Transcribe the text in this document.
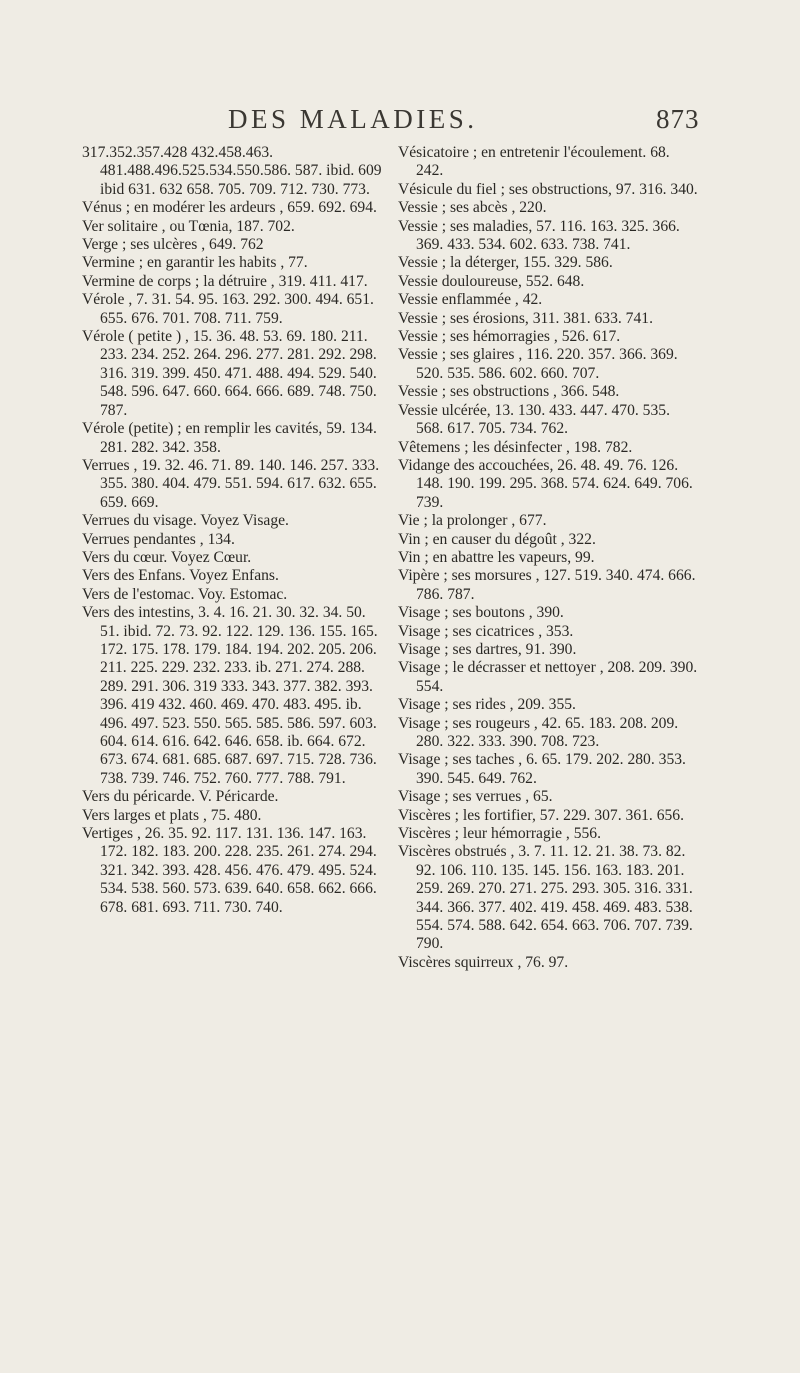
DES MALADIES.	873

317.352.357.428 432.458.463. 481.488.496.525.534.550.586. 587. ibid. 609 ibid 631. 632 658. 705. 709. 712. 730. 773.

Vénus ; en modérer les ardeurs , 659. 692. 694.

Ver solitaire , ou Tœnia, 187. 702.

Verge ; ses ulcères , 649. 762

Vermine ; en garantir les habits , 77.

Vermine de corps ; la détruire , 319. 411. 417.

Vérole , 7. 31. 54. 95. 163. 292. 300. 494. 651. 655. 676. 701. 708. 711. 759.

Vérole ( petite ) , 15. 36. 48. 53. 69. 180. 211. 233. 234. 252. 264. 296. 277. 281. 292. 298. 316. 319. 399. 450. 471. 488. 494. 529. 540. 548. 596. 647. 660. 664. 666. 689. 748. 750. 787.

Vérole (petite) ; en remplir les cavités, 59. 134. 281. 282. 342. 358.

Verrues , 19. 32. 46. 71. 89. 140. 146. 257. 333. 355. 380. 404. 479. 551. 594. 617. 632. 655. 659. 669.

Verrues du visage. Voyez Visage.

Verrues pendantes , 134.

Vers du cœur. Voyez Cœur.

Vers des Enfans. Voyez Enfans.

Vers de l'estomac. Voy. Estomac.

Vers des intestins, 3. 4. 16. 21. 30. 32. 34. 50. 51. ibid. 72. 73. 92. 122. 129. 136. 155. 165. 172. 175. 178. 179. 184. 194. 202. 205. 206. 211. 225. 229. 232. 233. ib. 271. 274. 288. 289. 291. 306. 319 333. 343. 377. 382. 393. 396. 419 432. 460. 469. 470. 483. 495. ib. 496. 497. 523. 550. 565. 585. 586. 597. 603. 604. 614. 616. 642. 646. 658. ib. 664. 672. 673. 674. 681. 685. 687. 697. 715. 728. 736. 738. 739. 746. 752. 760. 777. 788. 791.

Vers du péricarde. V. Péricarde.

Vers larges et plats , 75. 480.

Vertiges , 26. 35. 92. 117. 131. 136. 147. 163. 172. 182. 183. 200. 228. 235. 261. 274. 294. 321. 342. 393. 428. 456. 476. 479. 495. 524. 534. 538. 560. 573. 639. 640. 658. 662. 666. 678. 681. 693. 711. 730. 740.

Vésicatoire ; en entretenir l'écoulement. 68. 242.

Vésicule du fiel ; ses obstructions, 97. 316. 340.

Vessie ; ses abcès , 220.

Vessie ; ses maladies, 57. 116. 163. 325. 366. 369. 433. 534. 602. 633. 738. 741.

Vessie ; la déterger, 155. 329. 586.

Vessie douloureuse, 552. 648.

Vessie enflammée , 42.

Vessie ; ses érosions, 311. 381. 633. 741.

Vessie ; ses hémorragies , 526. 617.

Vessie ; ses glaires , 116. 220. 357. 366. 369. 520. 535. 586. 602. 660. 707.

Vessie ; ses obstructions , 366. 548.

Vessie ulcérée, 13. 130. 433. 447. 470. 535. 568. 617. 705. 734. 762.

Vêtemens ; les désinfecter , 198. 782.

Vidange des accouchées, 26. 48. 49. 76. 126. 148. 190. 199. 295. 368. 574. 624. 649. 706. 739.

Vie ; la prolonger , 677.

Vin ; en causer du dégoût , 322.

Vin ; en abattre les vapeurs, 99.

Vipère ; ses morsures , 127. 519. 340. 474. 666. 786. 787.

Visage ; ses boutons , 390.

Visage ; ses cicatrices , 353.

Visage ; ses dartres, 91. 390.

Visage ; le décrasser et nettoyer , 208. 209. 390. 554.

Visage ; ses rides , 209. 355.

Visage ; ses rougeurs , 42. 65. 183. 208. 209. 280. 322. 333. 390. 708. 723.

Visage ; ses taches , 6. 65. 179. 202. 280. 353. 390. 545. 649. 762.

Visage ; ses verrues , 65.

Viscères ; les fortifier, 57. 229. 307. 361. 656.

Viscères ; leur hémorragie , 556.

Viscères obstrués , 3. 7. 11. 12. 21. 38. 73. 82. 92. 106. 110. 135. 145. 156. 163. 183. 201. 259. 269. 270. 271. 275. 293. 305. 316. 331. 344. 366. 377. 402. 419. 458. 469. 483. 538. 554. 574. 588. 642. 654. 663. 706. 707. 739. 790.

Viscères squirreux , 76. 97.
